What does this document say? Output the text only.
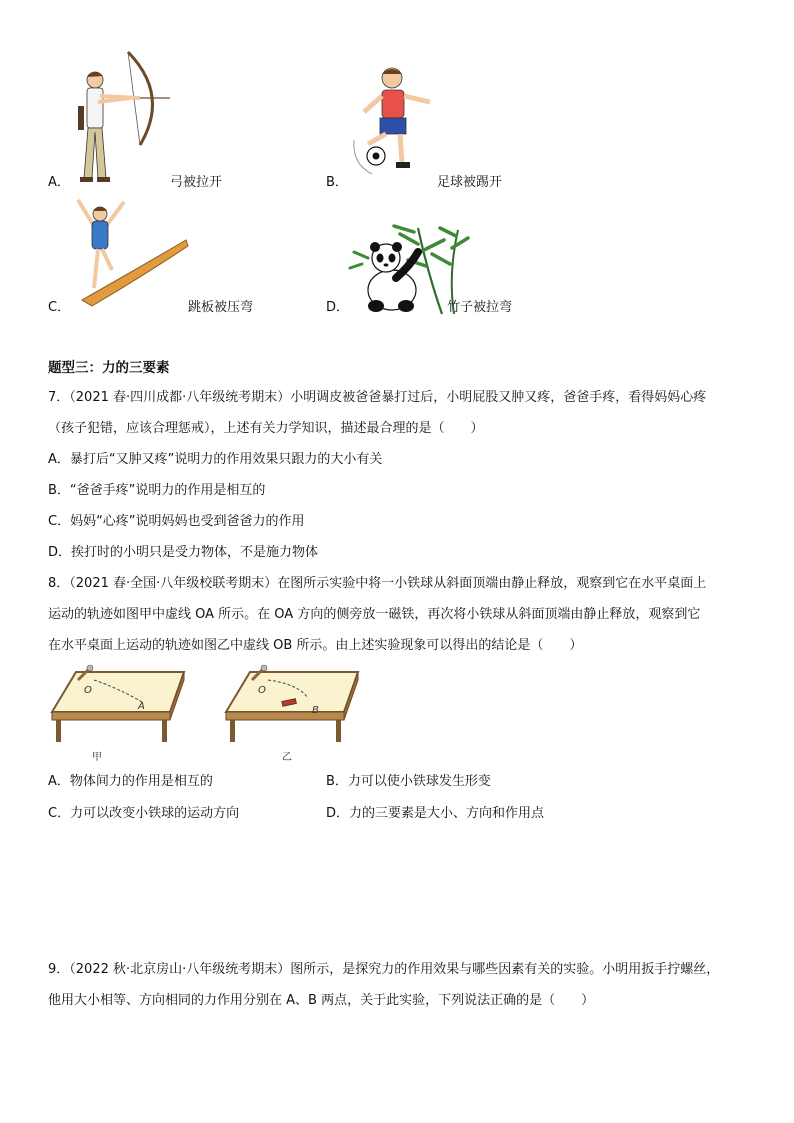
A．	弓被拉开	B．	足球被踢开
C．	跳板被压弯	D．	竹子被拉弯
题型三：力的三要素
7．（2021 春·四川成都·八年级统考期末）小明调皮被爸爸暴打过后，小明屁股又肿又疼，爸爸手疼，看得妈妈心疼
（孩子犯错，应该合理惩戒），上述有关力学知识，描述最合理的是（　　）
A．暴打后“又肿又疼”说明力的作用效果只跟力的大小有关
B．“爸爸手疼”说明力的作用是相互的
C．妈妈“心疼”说明妈妈也受到爸爸力的作用
D．挨打时的小明只是受力物体，不是施力物体
8．（2021 春·全国·八年级校联考期末）在图所示实验中将一小铁球从斜面顶端由静止释放，观察到它在水平桌面上
运动的轨迹如图甲中虚线 OA 所示。在 OA 方向的侧旁放一磁铁，再次将小铁球从斜面顶端由静止释放，观察到它
在水平桌面上运动的轨迹如图乙中虚线 OB 所示。由上述实验现象可以得出的结论是（　　）
O
A
甲
O
B
乙
A．物体间力的作用是相互的	B．力可以使小铁球发生形变
C．力可以改变小铁球的运动方向	D．力的三要素是大小、方向和作用点
9．（2022 秋·北京房山·八年级统考期末）图所示，是探究力的作用效果与哪些因素有关的实验。小明用扳手拧螺丝，
他用大小相等、方向相同的力作用分别在 A、B 两点，关于此实验，下列说法正确的是（　　）
